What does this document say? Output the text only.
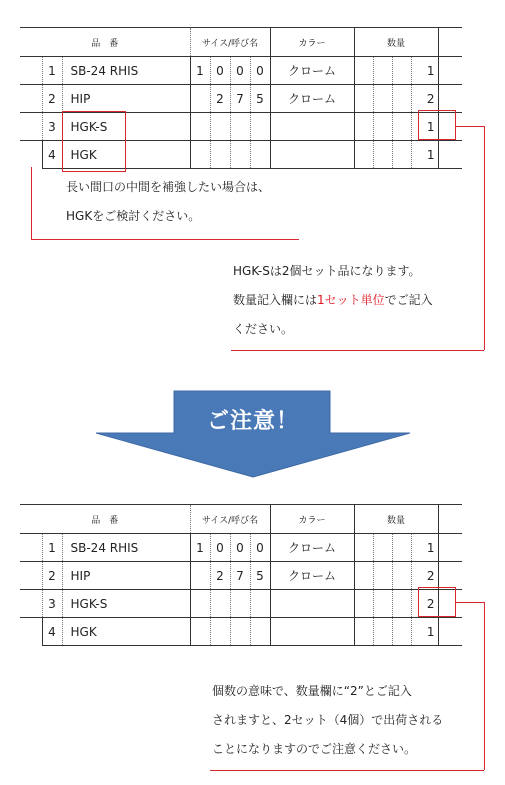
品　番			サイス/呼び名				カラー	数量				
	1	SB-24 RHIS	1	0	0	0	クローム				1	
	2	HIP		2	7	5	クローム				2	
	3	HGK-S									1	
	4	HGK									1	
長い間口の中間を補強したい場合は、
HGKをご検討ください。
HGK-Sは2個セット品になります。
数量記入欄には1セット単位でご記入
ください。
ご注意！
品　番			サイス/呼び名				カラー	数量				
	1	SB-24 RHIS	1	0	0	0	クローム				1	
	2	HIP		2	7	5	クローム				2	
	3	HGK-S									2	
	4	HGK									1	
個数の意味で、数量欄に“2”とご記入
されますと、2セット（4個）で出荷される
ことになりますのでご注意ください。
